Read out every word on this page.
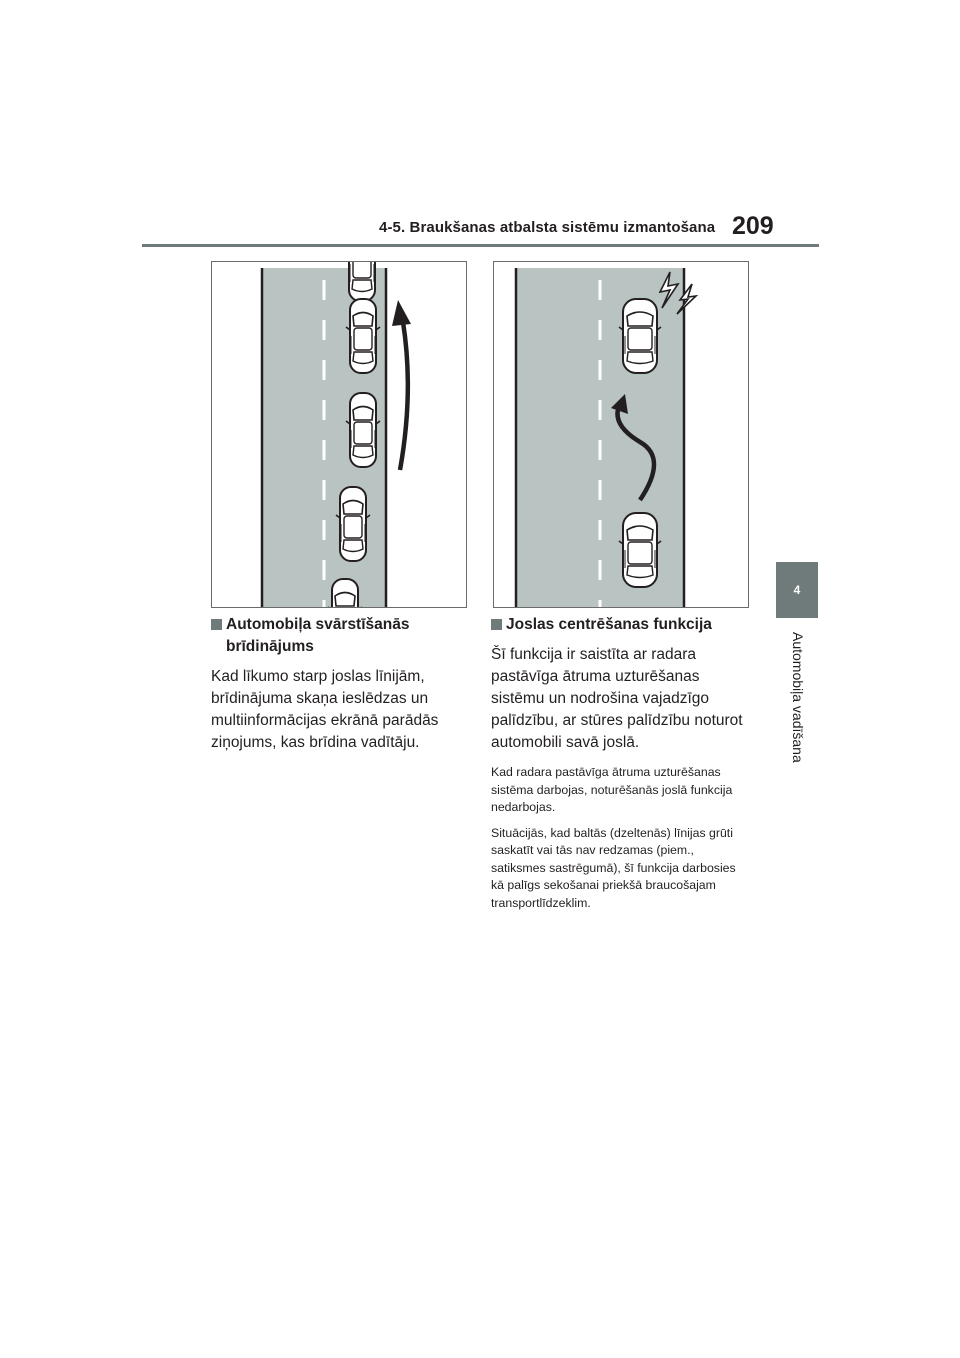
4-5. Braukšanas atbalsta sistēmu izmantošana 209
4
Automobiļa vadīšana
Automobiļa svārstīšanās brīdinājums

Kad līkumo starp joslas līnijām, brīdinājuma skaņa ieslēdzas un multiinformācijas ekrānā parādās ziņojums, kas brīdina vadītāju.

Joslas centrēšanas funkcija

Šī funkcija ir saistīta ar radara pastāvīga ātruma uzturēšanas sistēmu un nodrošina vajadzīgo palīdzību, ar stūres palīdzību noturot automobili savā joslā.

Kad radara pastāvīga ātruma uzturēšanas sistēma darbojas, noturēšanās joslā funkcija nedarbojas.

Situācijās, kad baltās (dzeltenās) līnijas grūti saskatīt vai tās nav redzamas (piem., satiksmes sastrēgumā), šī funkcija darbosies kā palīgs sekošanai priekšā braucošajam transportlīdzeklim.
